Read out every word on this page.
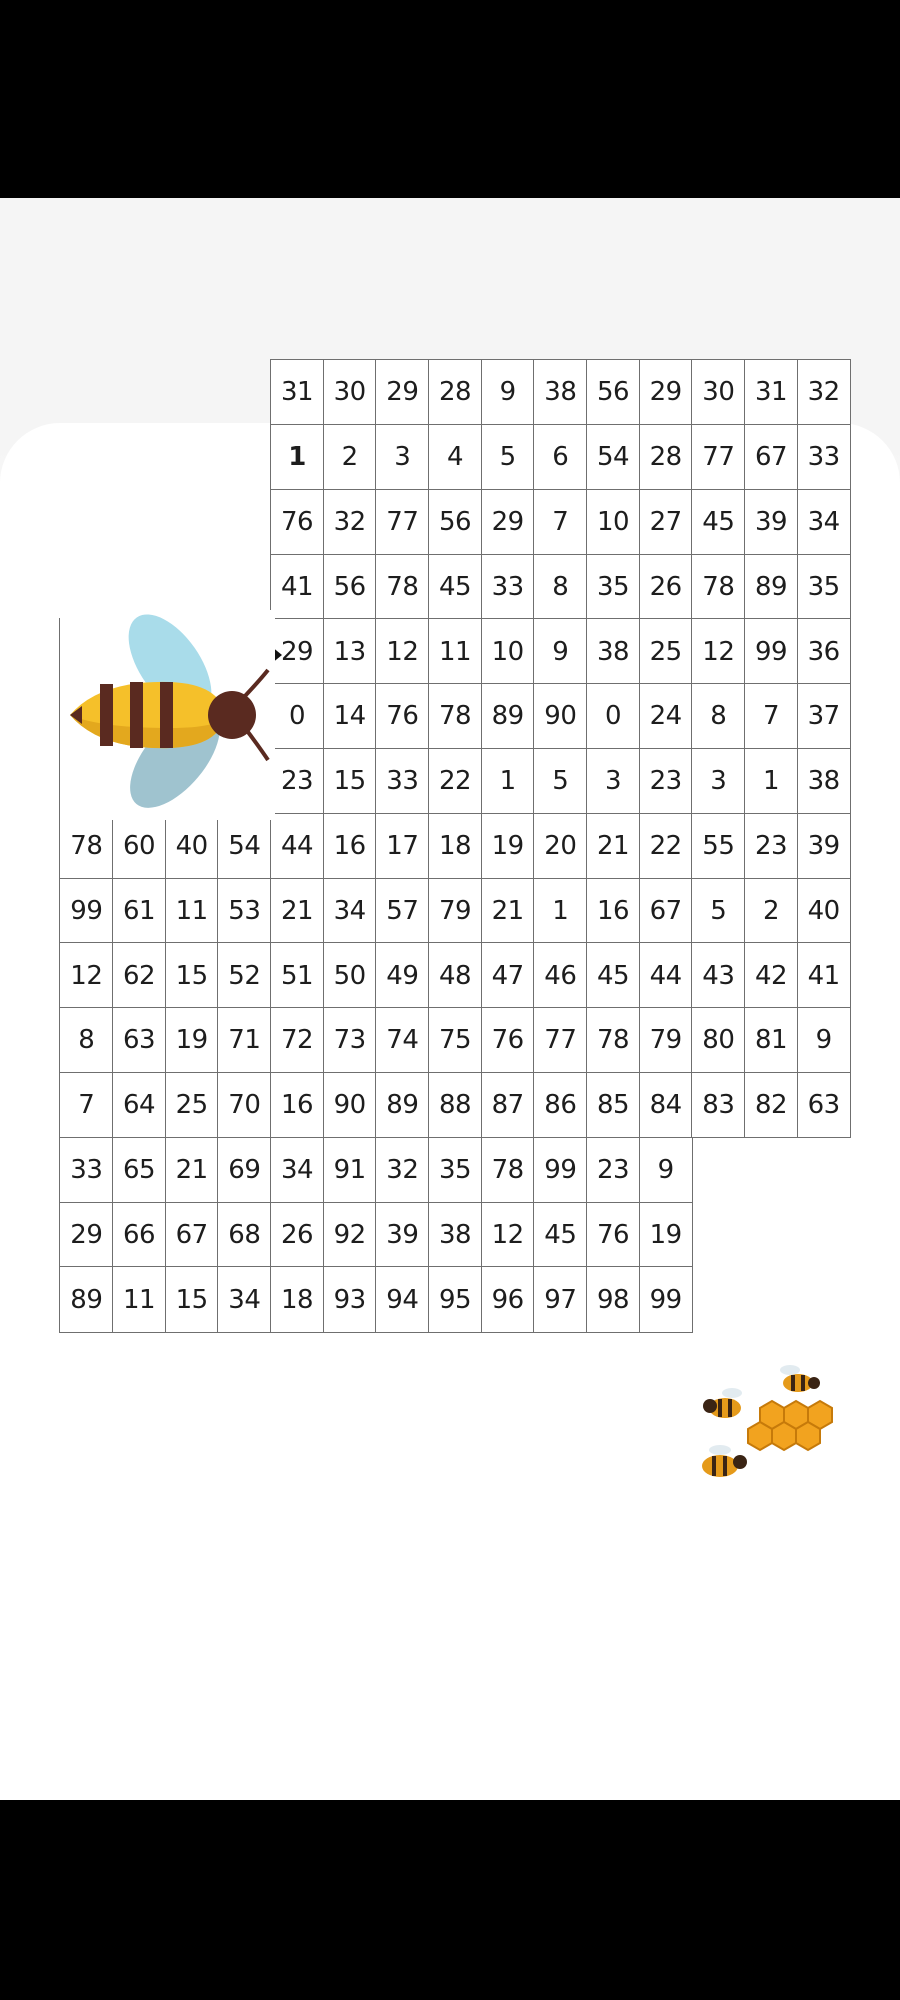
31 30 29 28	9	38 56 29 30 31 32
1	2	3	4	5	6	54 28 77 67 33
76 32 77 56 29	7	10 27 45 39 34
41 56 78 45 33	8	35 26 78 89 35
29 13 12 11 10	9	38 25 12 99 36
0	14 76 78 89 90	0	24	8	7	37
23 15 33 22	1	5	3	23	3	1	38
78 60 40 54 44 16 17 18 19 20 21 22 55 23 39
99 61 11 53 21 34 57 79 21	1	16 67	5	2	40
12 62 15 52 51 50 49 48 47 46 45 44 43 42 41
8	63 19 71 72 73 74 75 76 77 78 79 80 81	9
7	64 25 70 16 90 89 88 87 86 85 84 83 82 63
33 65 21 69 34 91 32 35 78 99 23	9
29 66 67 68 26 92 39 38 12 45 76 19
89 11 15 34 18 93 94 95 96 97 98 99
